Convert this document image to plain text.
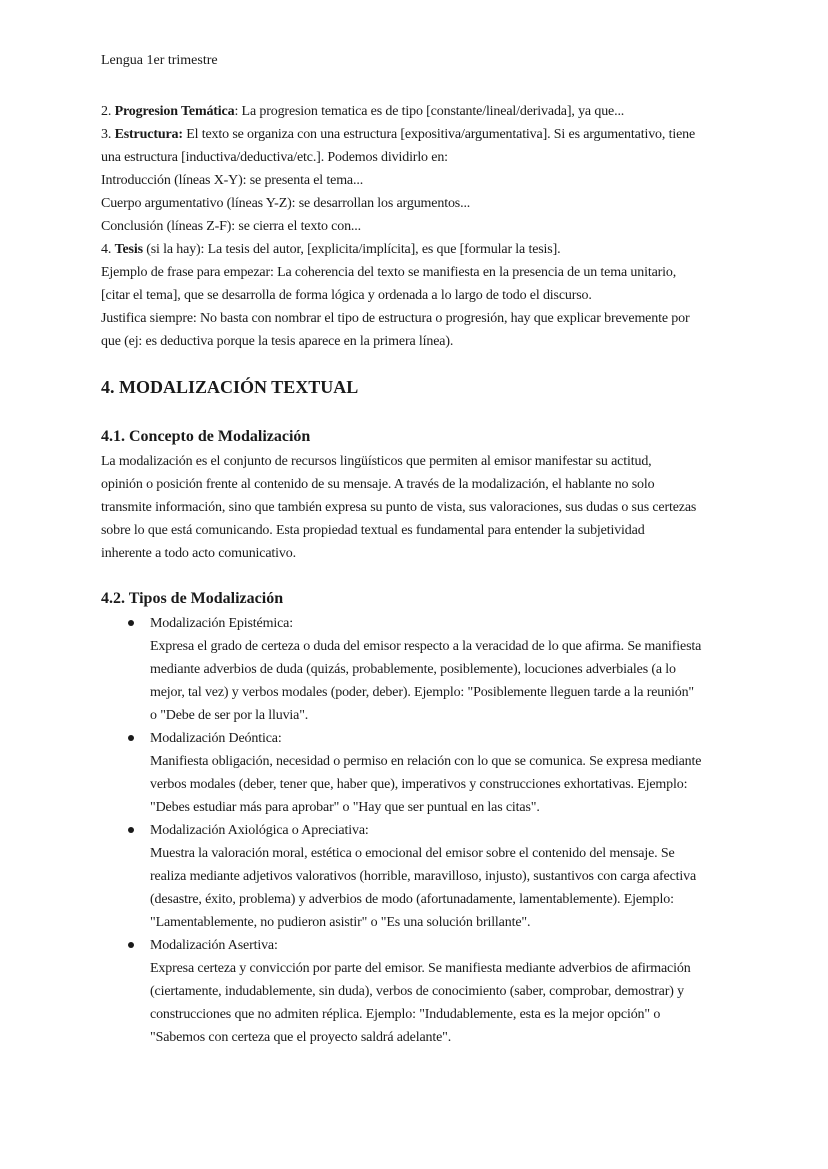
Lengua 1er trimestre
2. Progresion Temática: La progresion tematica es de tipo [constante/lineal/derivada], ya que...
3. Estructura: El texto se organiza con una estructura [expositiva/argumentativa]. Si es argumentativo, tiene
una estructura [inductiva/deductiva/etc.]. Podemos dividirlo en:
Introducción (líneas X-Y): se presenta el tema...
Cuerpo argumentativo (líneas Y-Z): se desarrollan los argumentos...
Conclusión (líneas Z-F): se cierra el texto con...
4. Tesis (si la hay): La tesis del autor, [explicita/implícita], es que [formular la tesis].
Ejemplo de frase para empezar: La coherencia del texto se manifiesta en la presencia de un tema unitario,
[citar el tema], que se desarrolla de forma lógica y ordenada a lo largo de todo el discurso.
Justifica siempre: No basta con nombrar el tipo de estructura o progresión, hay que explicar brevemente por
que (ej: es deductiva porque la tesis aparece en la primera línea).
4. MODALIZACIÓN TEXTUAL
4.1. Concepto de Modalización
La modalización es el conjunto de recursos lingüísticos que permiten al emisor manifestar su actitud,
opinión o posición frente al contenido de su mensaje. A través de la modalización, el hablante no solo
transmite información, sino que también expresa su punto de vista, sus valoraciones, sus dudas o sus certezas
sobre lo que está comunicando. Esta propiedad textual es fundamental para entender la subjetividad
inherente a todo acto comunicativo.
4.2. Tipos de Modalización
Modalización Epistémica:
Expresa el grado de certeza o duda del emisor respecto a la veracidad de lo que afirma. Se manifiesta
mediante adverbios de duda (quizás, probablemente, posiblemente), locuciones adverbiales (a lo
mejor, tal vez) y verbos modales (poder, deber). Ejemplo: "Posiblemente lleguen tarde a la reunión"
o "Debe de ser por la lluvia".
Modalización Deóntica:
Manifiesta obligación, necesidad o permiso en relación con lo que se comunica. Se expresa mediante
verbos modales (deber, tener que, haber que), imperativos y construcciones exhortativas. Ejemplo:
"Debes estudiar más para aprobar" o "Hay que ser puntual en las citas".
Modalización Axiológica o Apreciativa:
Muestra la valoración moral, estética o emocional del emisor sobre el contenido del mensaje. Se
realiza mediante adjetivos valorativos (horrible, maravilloso, injusto), sustantivos con carga afectiva
(desastre, éxito, problema) y adverbios de modo (afortunadamente, lamentablemente). Ejemplo:
"Lamentablemente, no pudieron asistir" o "Es una solución brillante".
Modalización Asertiva:
Expresa certeza y convicción por parte del emisor. Se manifiesta mediante adverbios de afirmación
(ciertamente, indudablemente, sin duda), verbos de conocimiento (saber, comprobar, demostrar) y
construcciones que no admiten réplica. Ejemplo: "Indudablemente, esta es la mejor opción" o
"Sabemos con certeza que el proyecto saldrá adelante".
